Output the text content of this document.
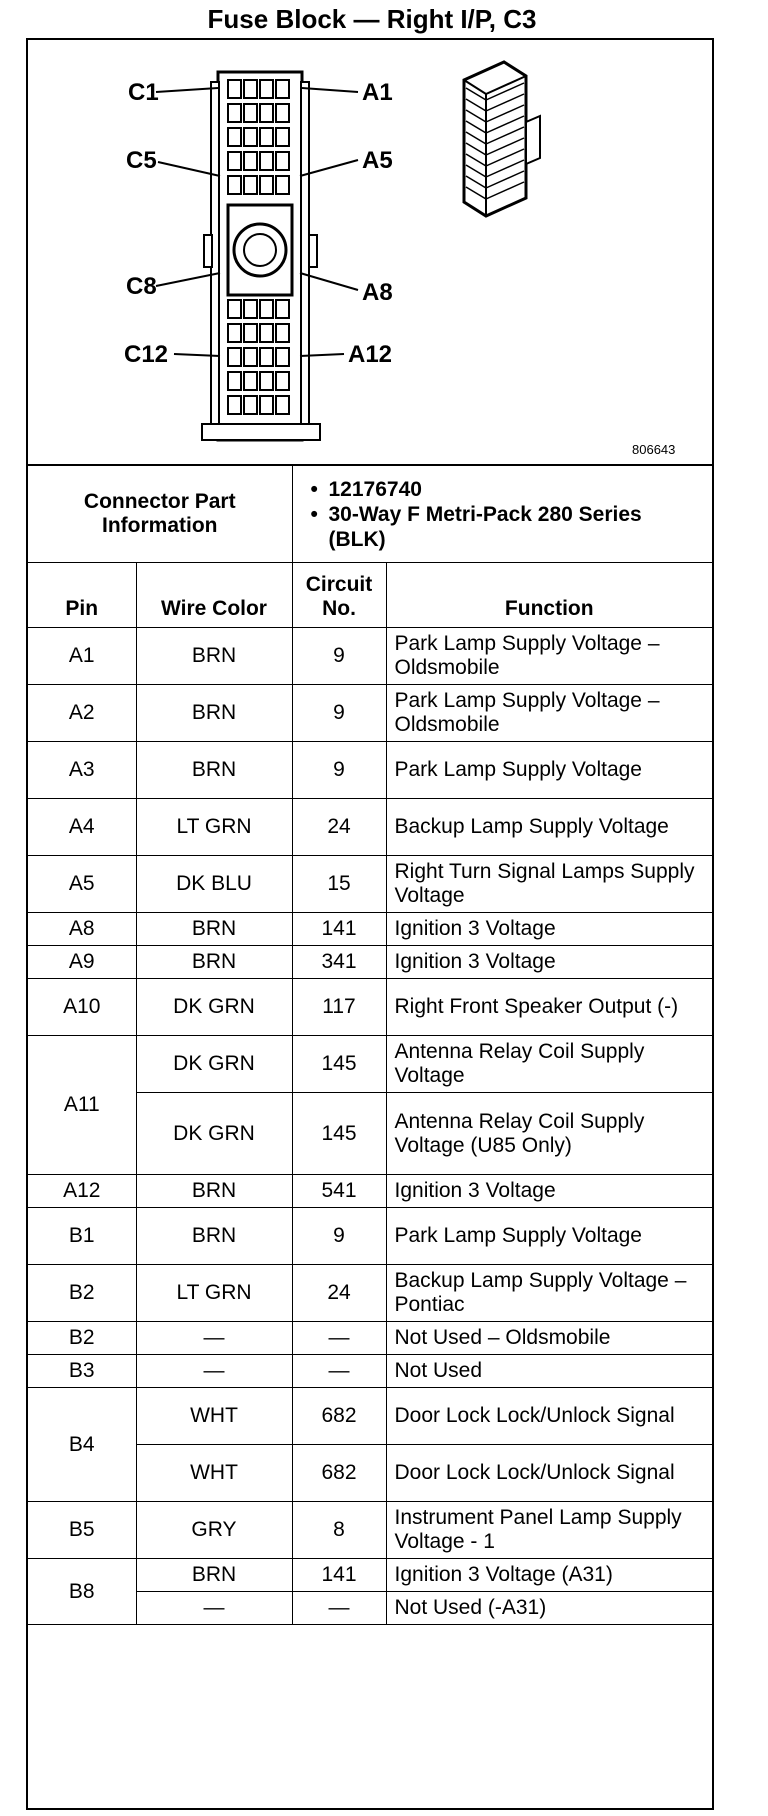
Fuse Block — Right I/P, C3
C1	A1
C5	A5
C8	A8
C12	A12
806643
Connector Part Information	
• 12176740
• 30-Way F Metri-Pack 280 Series (BLK)
Pin	Wire Color	Circuit No.	Function
A1	BRN	9	Park Lamp Supply Voltage – Oldsmobile
A2	BRN	9	Park Lamp Supply Voltage – Oldsmobile
A3	BRN	9	Park Lamp Supply Voltage
A4	LT GRN	24	Backup Lamp Supply Voltage
A5	DK BLU	15	Right Turn Signal Lamps Supply Voltage
A8	BRN	141	Ignition 3 Voltage
A9	BRN	341	Ignition 3 Voltage
A10	DK GRN	117	Right Front Speaker Output (-)
A11	DK GRN	145	Antenna Relay Coil Supply Voltage
	DK GRN	145	Antenna Relay Coil Supply Voltage (U85 Only)
A12	BRN	541	Ignition 3 Voltage
B1	BRN	9	Park Lamp Supply Voltage
B2	LT GRN	24	Backup Lamp Supply Voltage – Pontiac
B2	—	—	Not Used – Oldsmobile
B3	—	—	Not Used
B4	WHT	682	Door Lock Lock/Unlock Signal
	WHT	682	Door Lock Lock/Unlock Signal
B5	GRY	8	Instrument Panel Lamp Supply Voltage - 1
B8	BRN	141	Ignition 3 Voltage (A31)
	—	—	Not Used (-A31)
